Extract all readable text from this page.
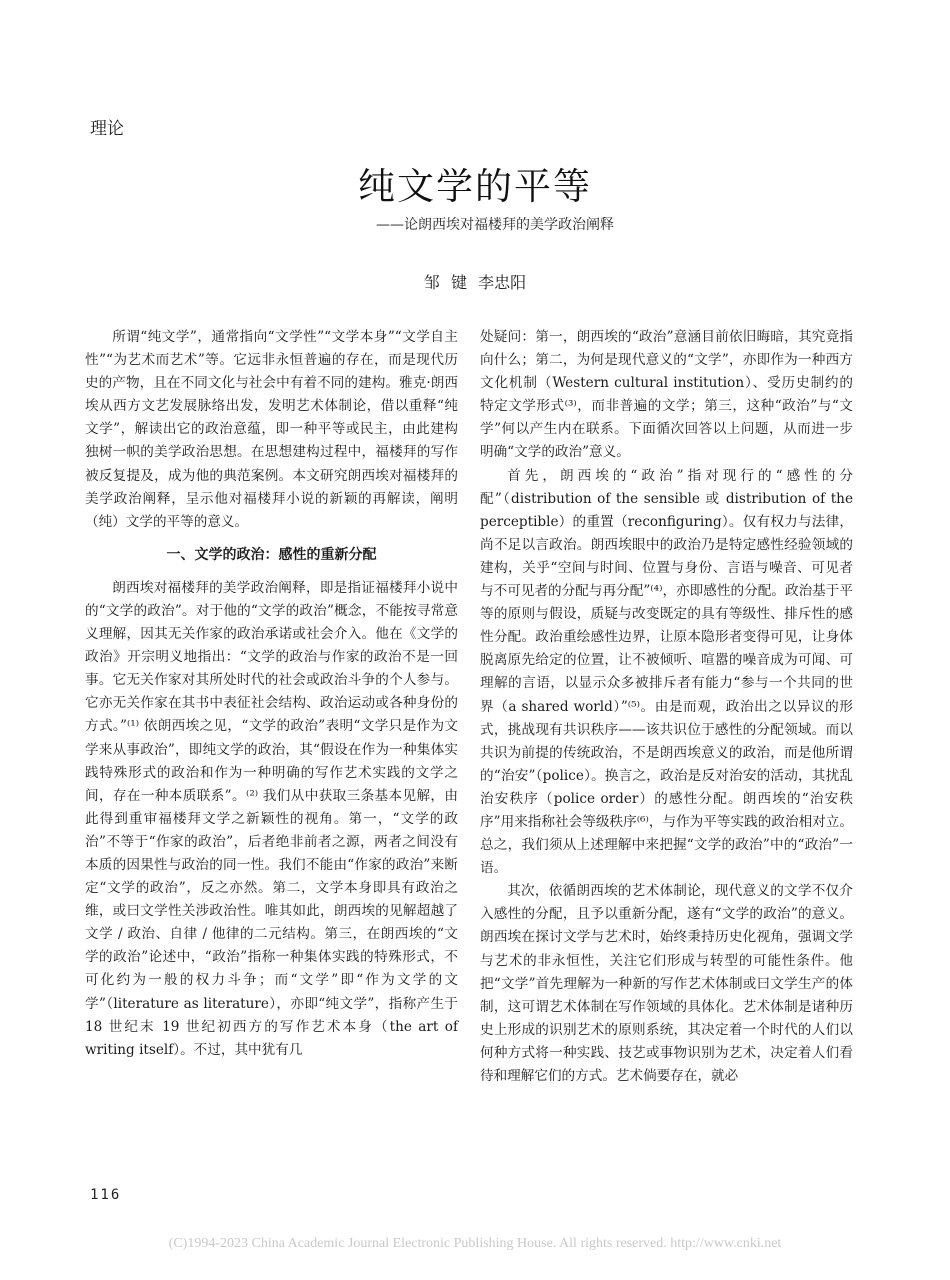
理论
纯文学的平等
——论朗西埃对福楼拜的美学政治阐释
邹 键 李忠阳

所谓“纯文学”，通常指向“文学性”“文学本身”“文学自主性”“为艺术而艺术”等。它远非永恒普遍的存在，而是现代历史的产物，且在不同文化与社会中有着不同的建构。雅克·朗西埃从西方文艺发展脉络出发，发明艺术体制论，借以重释“纯文学”，解读出它的政治意蕴，即一种平等或民主，由此建构独树一帜的美学政治思想。在思想建构过程中，福楼拜的写作被反复提及，成为他的典范案例。本文研究朗西埃对福楼拜的美学政治阐释，呈示他对福楼拜小说的新颖的再解读，阐明（纯）文学的平等的意义。

一、文学的政治：感性的重新分配

朗西埃对福楼拜的美学政治阐释，即是指证福楼拜小说中的“文学的政治”。对于他的“文学的政治”概念，不能按寻常意义理解，因其无关作家的政治承诺或社会介入。他在《文学的政治》开宗明义地指出：“文学的政治与作家的政治不是一回事。它无关作家对其所处时代的社会或政治斗争的个人参与。它亦无关作家在其书中表征社会结构、政治运动或各种身份的方式。”⁽¹⁾ 依朗西埃之见，“文学的政治”表明“文学只是作为文学来从事政治”，即纯文学的政治，其“假设在作为一种集体实践特殊形式的政治和作为一种明确的写作艺术实践的文学之间，存在一种本质联系”。⁽²⁾ 我们从中获取三条基本见解，由此得到重审福楼拜文学之新颖性的视角。第一，“文学的政治”不等于“作家的政治”，后者绝非前者之源，两者之间没有本质的因果性与政治的同一性。我们不能由“作家的政治”来断定“文学的政治”，反之亦然。第二，文学本身即具有政治之维，或曰文学性关涉政治性。唯其如此，朗西埃的见解超越了文学 / 政治、自律 / 他律的二元结构。第三，在朗西埃的“文学的政治”论述中，“政治”指称一种集体实践的特殊形式，不可化约为一般的权力斗争；而“文学”即“作为文学的文学”（literature as literature），亦即“纯文学”，指称产生于 18 世纪末 19 世纪初西方的写作艺术本身（the art of writing itself）。不过，其中犹有几

处疑问：第一，朗西埃的“政治”意涵目前依旧晦暗，其究竟指向什么；第二，为何是现代意义的“文学”，亦即作为一种西方文化机制（Western cultural institution）、受历史制约的特定文学形式⁽³⁾，而非普遍的文学；第三，这种“政治”与“文学”何以产生内在联系。下面循次回答以上问题，从而进一步明确“文学的政治”意义。

首先，朗西埃的“政治”指对现行的“感性的分配”（distribution of the sensible 或 distribution of the perceptible）的重置（reconfiguring）。仅有权力与法律，尚不足以言政治。朗西埃眼中的政治乃是特定感性经验领域的建构，关乎“空间与时间、位置与身份、言语与噪音、可见者与不可见者的分配与再分配”⁽⁴⁾，亦即感性的分配。政治基于平等的原则与假设，质疑与改变既定的具有等级性、排斥性的感性分配。政治重绘感性边界，让原本隐形者变得可见，让身体脱离原先给定的位置，让不被倾听、喧嚣的噪音成为可闻、可理解的言语，以显示众多被排斥者有能力“参与一个共同的世界（a shared world）”⁽⁵⁾。由是而观，政治出之以异议的形式，挑战现有共识秩序——该共识位于感性的分配领域。而以共识为前提的传统政治，不是朗西埃意义的政治，而是他所谓的“治安”（police）。换言之，政治是反对治安的活动，其扰乱治安秩序（police order）的感性分配。朗西埃的“治安秩序”用来指称社会等级秩序⁽⁶⁾，与作为平等实践的政治相对立。总之，我们须从上述理解中来把握“文学的政治”中的“政治”一语。

其次，依循朗西埃的艺术体制论，现代意义的文学不仅介入感性的分配，且予以重新分配，遂有“文学的政治”的意义。朗西埃在探讨文学与艺术时，始终秉持历史化视角，强调文学与艺术的非永恒性，关注它们形成与转型的可能性条件。他把“文学”首先理解为一种新的写作艺术体制或曰文学生产的体制，这可谓艺术体制在写作领域的具体化。艺术体制是诸种历史上形成的识别艺术的原则系统，其决定着一个时代的人们以何种方式将一种实践、技艺或事物识别为艺术，决定着人们看待和理解它们的方式。艺术倘要存在，就必

116
(C)1994-2023 China Academic Journal Electronic Publishing House. All rights reserved. http://www.cnki.net
